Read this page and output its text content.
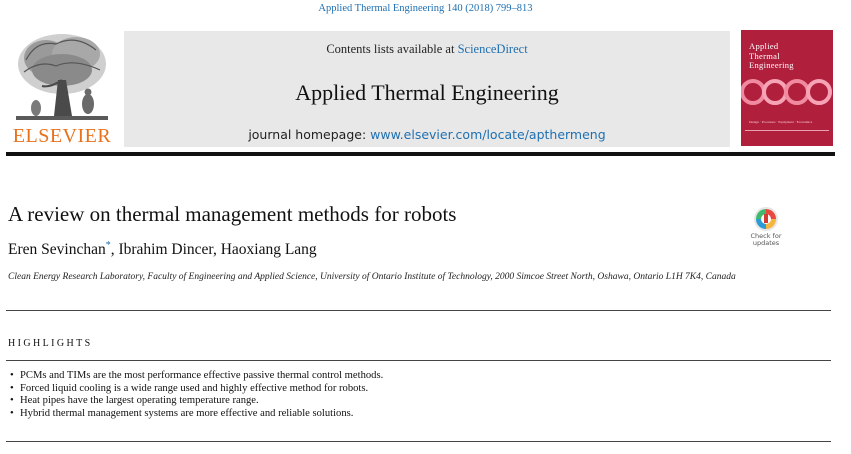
Applied Thermal Engineering 140 (2018) 799–813
ELSEVIER
Contents lists available at ScienceDirect
Applied Thermal Engineering
journal homepage: www.elsevier.com/locate/apthermeng
Applied
Thermal
Engineering
Design · Processes · Equipment · Economics
A review on thermal management methods for robots
Eren Sevinchan*, Ibrahim Dincer, Haoxiang Lang
Check for
updates
Clean Energy Research Laboratory, Faculty of Engineering and Applied Science, University of Ontario Institute of Technology, 2000 Simcoe Street North, Oshawa, Ontario L1H 7K4, Canada
HIGHLIGHTS
• PCMs and TIMs are the most performance effective passive thermal control methods.
• Forced liquid cooling is a wide range used and highly effective method for robots.
• Heat pipes have the largest operating temperature range.
• Hybrid thermal management systems are more effective and reliable solutions.
